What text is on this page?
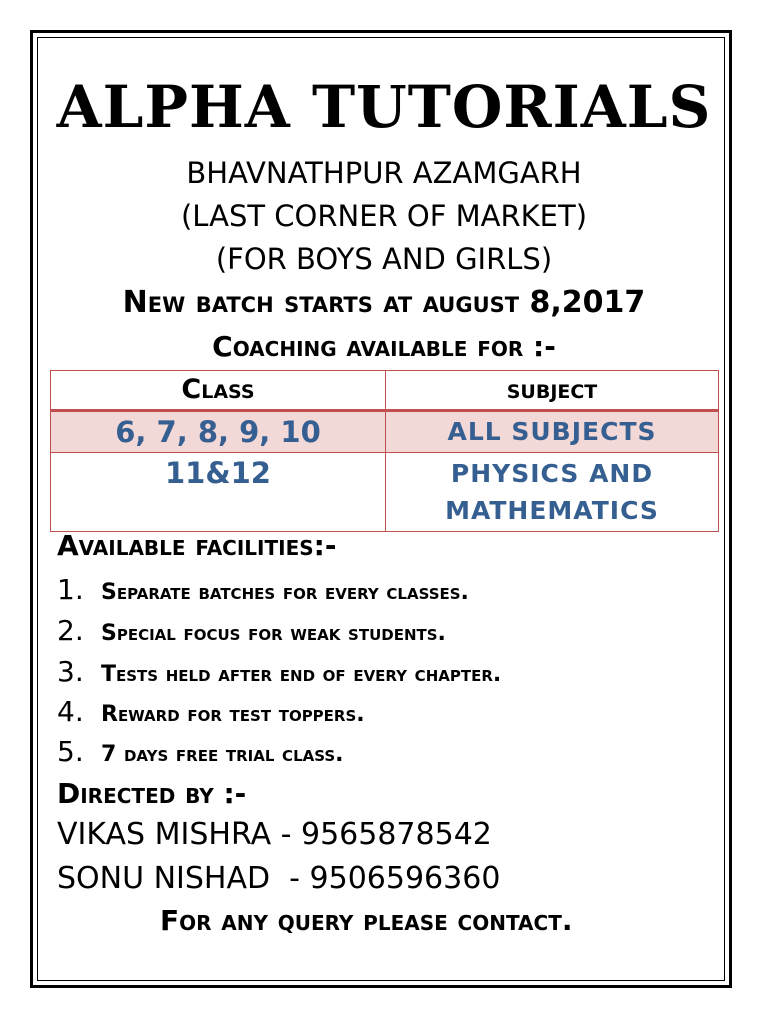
ALPHA TUTORIALS
BHAVNATHPUR AZAMGARH
(LAST CORNER OF MARKET)
(FOR BOYS AND GIRLS)
New batch starts at august 8,2017
Coaching available for :-
Class	subject
6, 7, 8, 9, 10	ALL SUBJECTS
11&12	PHYSICS AND
MATHEMATICS
Available facilities:-
1. Separate batches for every classes.
2. Special focus for weak students.
3. Tests held after end of every chapter.
4. Reward for test toppers.
5. 7 days free trial class.
Directed by :-
VIKAS MISHRA - 9565878542
SONU NISHAD  - 9506596360
For any query please contact.
